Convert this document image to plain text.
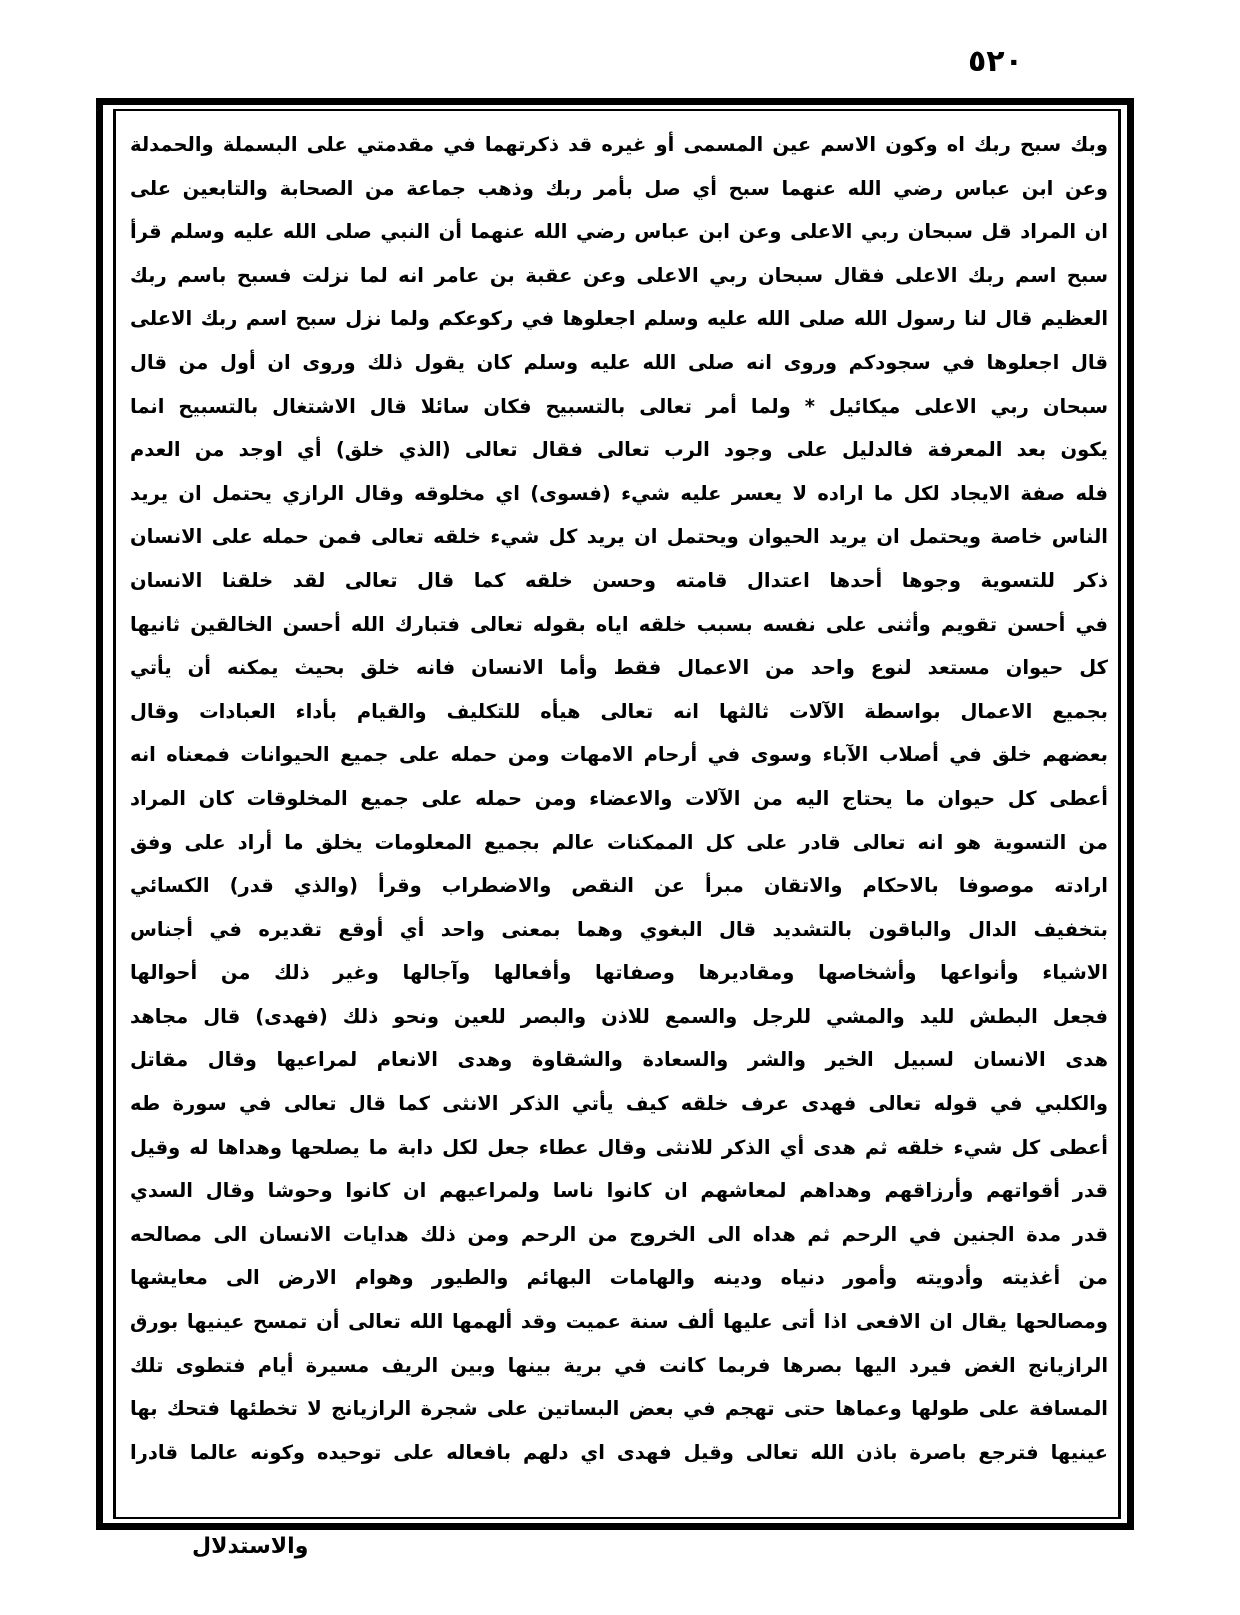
٥٢٠
وبك سبح ربك اه وكون الاسم عين المسمى أو غيره قد ذكرتهما في مقدمتي على البسملة والحمدلة
وعن ابن عباس رضي الله عنهما سبح أي صل بأمر ربك وذهب جماعة من الصحابة والتابعين على
ان المراد قل سبحان ربي الاعلى وعن ابن عباس رضي الله عنهما أن النبي صلى الله عليه وسلم قرأ
سبح اسم ربك الاعلى فقال سبحان ربي الاعلى وعن عقبة بن عامر انه لما نزلت فسبح باسم ربك
العظيم قال لنا رسول الله صلى الله عليه وسلم اجعلوها في ركوعكم ولما نزل سبح اسم ربك الاعلى
قال اجعلوها في سجودكم وروى انه صلى الله عليه وسلم كان يقول ذلك وروى ان أول من قال
سبحان ربي الاعلى ميكائيل * ولما أمر تعالى بالتسبيح فكان سائلا قال الاشتغال بالتسبيح انما
يكون بعد المعرفة فالدليل على وجود الرب تعالى فقال تعالى (الذي خلق) أي اوجد من العدم
فله صفة الايجاد لكل ما اراده لا يعسر عليه شيء (فسوى) اي مخلوقه وقال الرازي يحتمل ان يريد
الناس خاصة ويحتمل ان يريد الحيوان ويحتمل ان يريد كل شيء خلقه تعالى فمن حمله على الانسان
ذكر للتسوية وجوها أحدها اعتدال قامته وحسن خلقه كما قال تعالى لقد خلقنا الانسان
في أحسن تقويم وأثنى على نفسه بسبب خلقه اياه بقوله تعالى فتبارك الله أحسن الخالقين ثانيها
كل حيوان مستعد لنوع واحد من الاعمال فقط وأما الانسان فانه خلق بحيث يمكنه أن يأتي
بجميع الاعمال بواسطة الآلات ثالثها انه تعالى هيأه للتكليف والقيام بأداء العبادات وقال
بعضهم خلق في أصلاب الآباء وسوى في أرحام الامهات ومن حمله على جميع الحيوانات فمعناه انه
أعطى كل حيوان ما يحتاج اليه من الآلات والاعضاء ومن حمله على جميع المخلوقات كان المراد
من التسوية هو انه تعالى قادر على كل الممكنات عالم بجميع المعلومات يخلق ما أراد على وفق
ارادته موصوفا بالاحكام والاتقان مبرأ عن النقص والاضطراب وقرأ (والذي قدر) الكسائي
بتخفيف الدال والباقون بالتشديد قال البغوي وهما بمعنى واحد أي أوقع تقديره في أجناس
الاشياء وأنواعها وأشخاصها ومقاديرها وصفاتها وأفعالها وآجالها وغير ذلك من أحوالها
فجعل البطش لليد والمشي للرجل والسمع للاذن والبصر للعين ونحو ذلك (فهدى) قال مجاهد
هدى الانسان لسبيل الخير والشر والسعادة والشقاوة وهدى الانعام لمراعيها وقال مقاتل
والكلبي في قوله تعالى فهدى عرف خلقه كيف يأتي الذكر الانثى كما قال تعالى في سورة طه
أعطى كل شيء خلقه ثم هدى أي الذكر للانثى وقال عطاء جعل لكل دابة ما يصلحها وهداها له وقيل
قدر أقواتهم وأرزاقهم وهداهم لمعاشهم ان كانوا ناسا ولمراعيهم ان كانوا وحوشا وقال السدي
قدر مدة الجنين في الرحم ثم هداه الى الخروج من الرحم ومن ذلك هدايات الانسان الى مصالحه
من أغذيته وأدويته وأمور دنياه ودينه والهامات البهائم والطيور وهوام الارض الى معايشها
ومصالحها يقال ان الافعى اذا أتى عليها ألف سنة عميت وقد ألهمها الله تعالى أن تمسح عينيها بورق
الرازيانج الغض فيرد اليها بصرها فربما كانت في برية بينها وبين الريف مسيرة أيام فتطوى تلك
المسافة على طولها وعماها حتى تهجم في بعض البساتين على شجرة الرازيانج لا تخطئها فتحك بها
عينيها فترجع باصرة باذن الله تعالى وقيل فهدى اي دلهم بافعاله على توحيده وكونه عالما قادرا
والاستدلال
